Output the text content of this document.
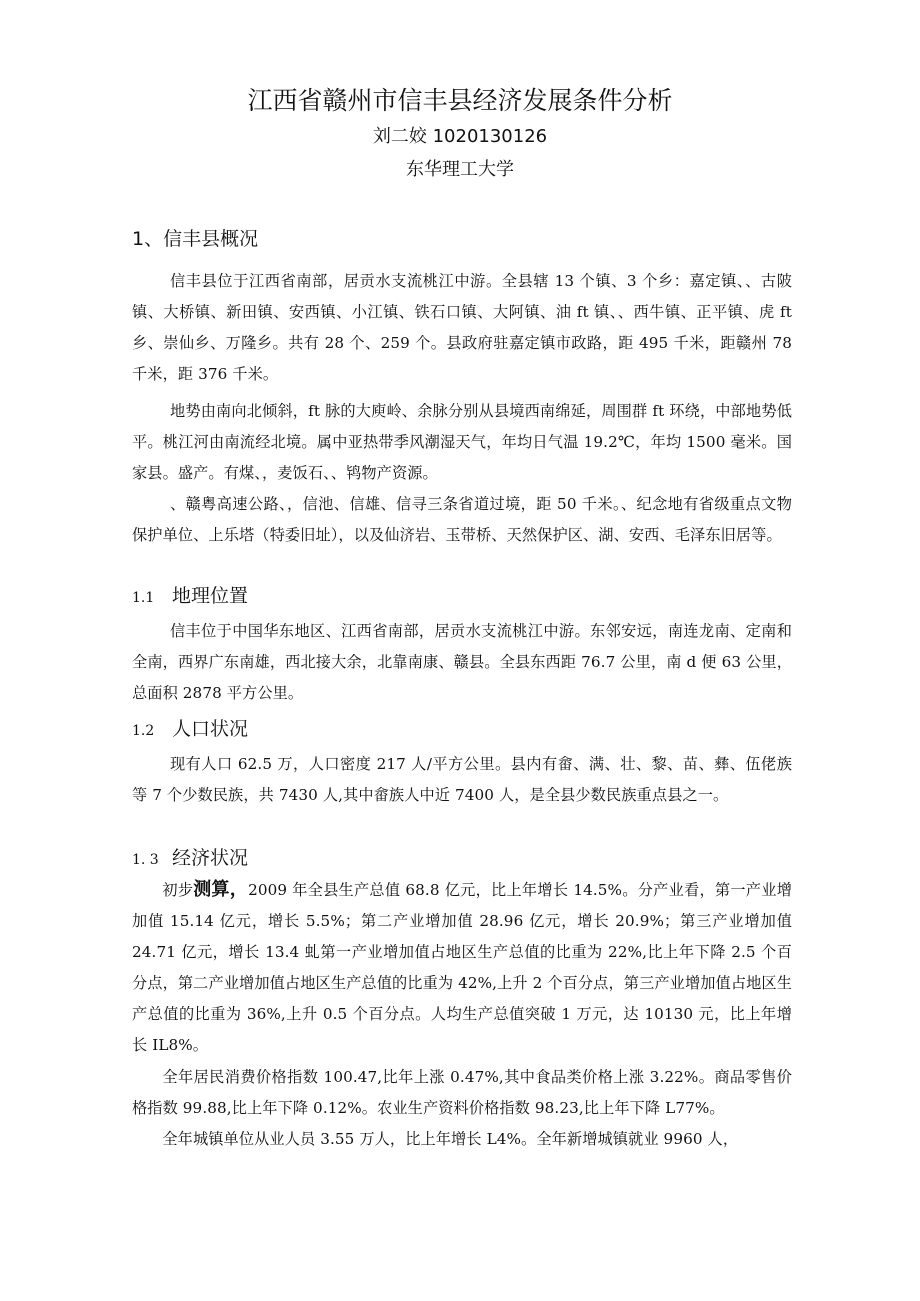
江西省赣州市信丰县经济发展条件分析
刘二姣 1020130126
东华理工大学
1、信丰县概况
信丰县位于江西省南部，居贡水支流桃江中游。全县辖 13 个镇、3 个乡：嘉定镇、、古陂镇、大桥镇、新田镇、安西镇、小江镇、铁石口镇、大阿镇、油 ft 镇、、西牛镇、正平镇、虎 ft 乡、崇仙乡、万隆乡。共有 28 个、259 个。县政府驻嘉定镇市政路，距 495 千米，距赣州 78 千米，距 376 千米。
地势由南向北倾斜，ft 脉的大庾岭、余脉分别从县境西南绵延，周围群 ft 环绕，中部地势低平。桃江河由南流经北境。属中亚热带季风潮湿天气，年均日气温 19.2℃，年均 1500 毫米。国家县。盛产。有煤、，麦饭石、、鸨物产资源。
、赣粤高速公路、，信池、信雄、信寻三条省道过境，距 50 千米。、纪念地有省级重点文物保护单位、上乐塔（特委旧址），以及仙济岩、玉带桥、天然保护区、湖、安西、毛泽东旧居等。
1.1 地理位置
信丰位于中国华东地区、江西省南部，居贡水支流桃江中游。东邻安远，南连龙南、定南和全南，西界广东南雄，西北接大余，北靠南康、赣县。全县东西距 76.7 公里，南 d 便 63 公里，总面积 2878 平方公里。
1.2 人口状况
现有人口 62.5 万，人口密度 217 人/平方公里。县内有畲、满、壮、黎、苗、彝、伍佬族等 7 个少数民族，共 7430 人,其中畲族人中近 7400 人，是全县少数民族重点县之一。
1. 3 经济状况
初步测算，2009 年全县生产总值 68.8 亿元，比上年增长 14.5%。分产业看，第一产业增加值 15.14 亿元，增长 5.5%；第二产业增加值 28.96 亿元，增长 20.9%；第三产业增加值 24.71 亿元，增长 13.4 虬第一产业增加值占地区生产总值的比重为 22%,比上年下降 2.5 个百分点，第二产业增加值占地区生产总值的比重为 42%,上升 2 个百分点，第三产业增加值占地区生产总值的比重为 36%,上升 0.5 个百分点。人均生产总值突破 1 万元，达 10130 元，比上年增长 IL8%。
全年居民消费价格指数 100.47,比年上涨 0.47%,其中食品类价格上涨 3.22%。商品零售价格指数 99.88,比上年下降 0.12%。农业生产资料价格指数 98.23,比上年下降 L77%。
全年城镇单位从业人员 3.55 万人，比上年增长 L4%。全年新增城镇就业 9960 人，
